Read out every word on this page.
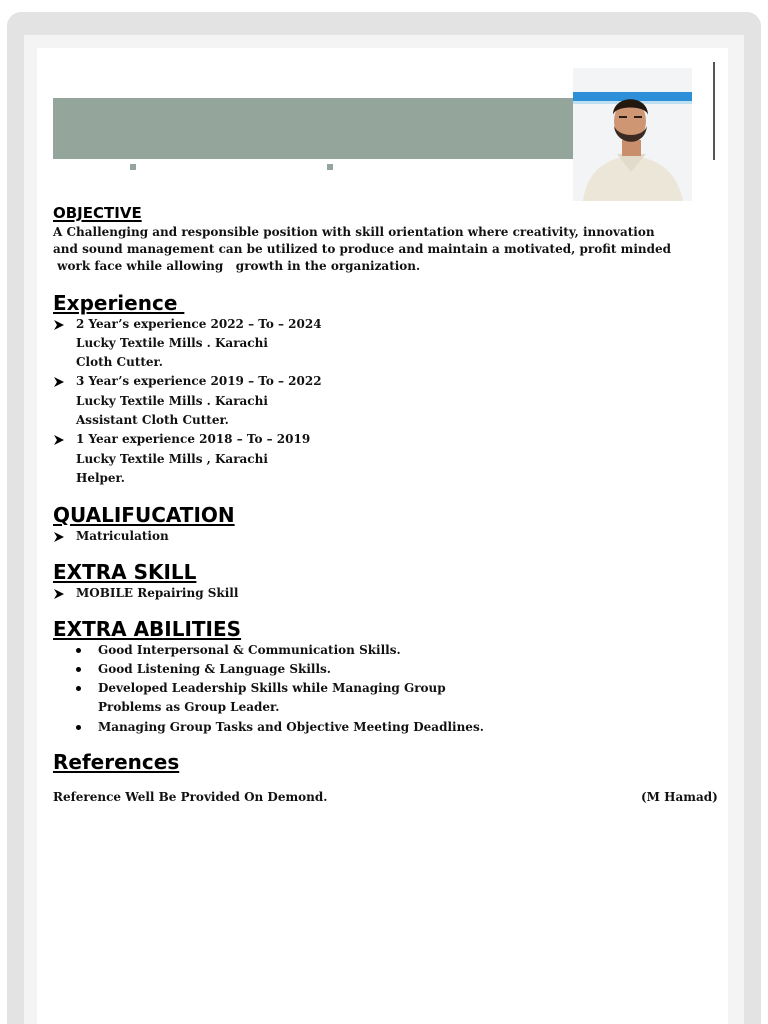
OBJECTIVE
A Challenging and responsible position with skill orientation where creativity, innovation
and sound management can be utilized to produce and maintain a motivated, profit minded
work face while allowing   growth in the organization.
Experience
2 Year’s experience 2022 – To – 2024
Lucky Textile Mills . Karachi
Cloth Cutter.
3 Year’s experience 2019 – To – 2022
Lucky Textile Mills . Karachi
Assistant Cloth Cutter.
1 Year experience 2018 – To – 2019
Lucky Textile Mills , Karachi
Helper.
QUALIFUCATION
Matriculation
EXTRA SKILL
MOBILE Repairing Skill
EXTRA ABILITIES
Good Interpersonal & Communication Skills.
Good Listening & Language Skills.
Developed Leadership Skills while Managing Group
Problems as Group Leader.
Managing Group Tasks and Objective Meeting Deadlines.
References
Reference Well Be Provided On Demond.	(M Hamad)
